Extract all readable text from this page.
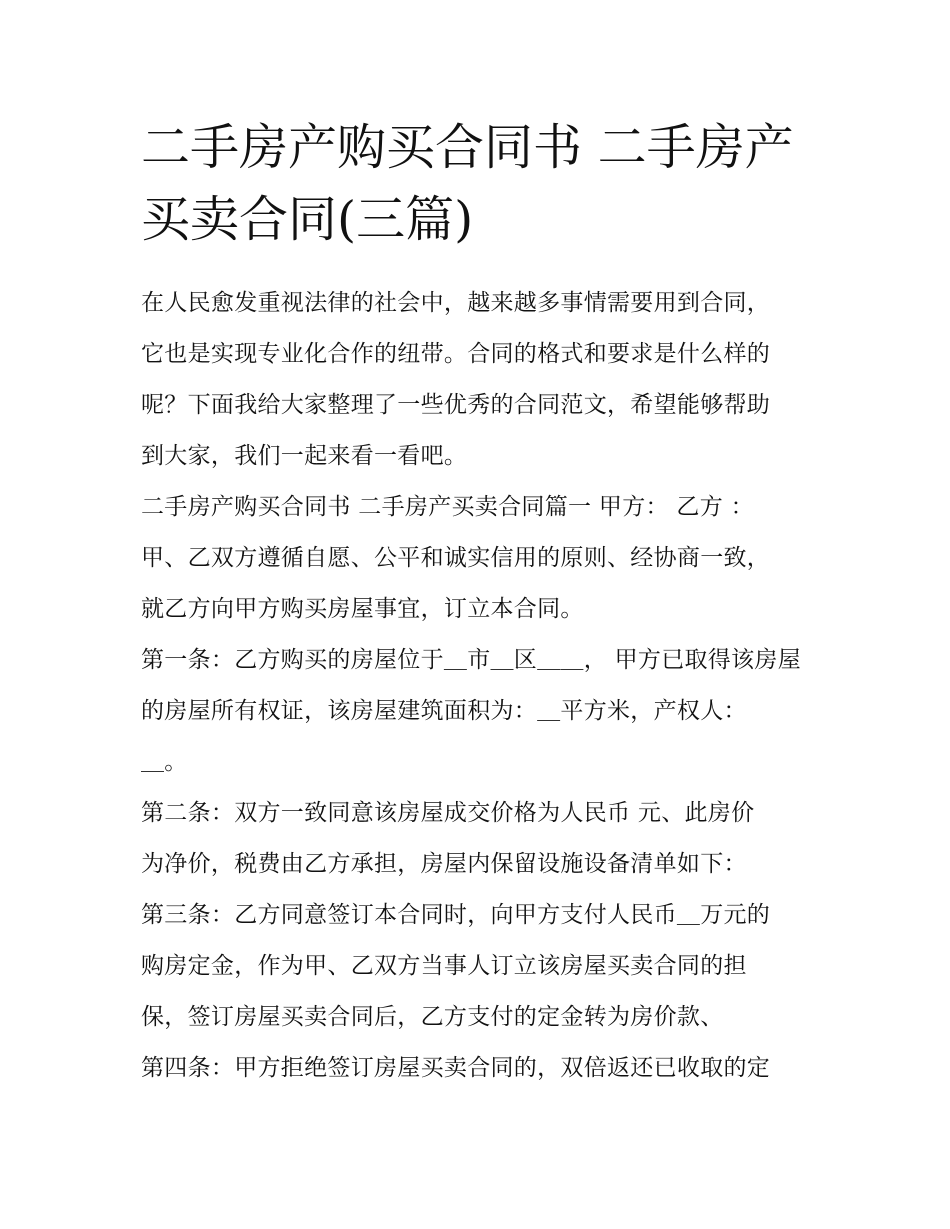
二手房产购买合同书 二手房产
买卖合同(三篇)
在人民愈发重视法律的社会中，越来越多事情需要用到合同，
它也是实现专业化合作的纽带。合同的格式和要求是什么样的
呢？下面我给大家整理了一些优秀的合同范文，希望能够帮助
到大家，我们一起来看一看吧。
二手房产购买合同书 二手房产买卖合同篇一 甲方： 乙方 ：
甲、乙双方遵循自愿、公平和诚实信用的原则、经协商一致，
就乙方向甲方购买房屋事宜，订立本合同。
第一条：乙方购买的房屋位于＿市＿区＿＿， 甲方已取得该房屋
的房屋所有权证，该房屋建筑面积为：＿平方米，产权人：
＿。
第二条：双方一致同意该房屋成交价格为人民币 元、此房价
为净价，税费由乙方承担，房屋内保留设施设备清单如下：
第三条：乙方同意签订本合同时，向甲方支付人民币＿万元的
购房定金，作为甲、乙双方当事人订立该房屋买卖合同的担
保，签订房屋买卖合同后，乙方支付的定金转为房价款、
第四条：甲方拒绝签订房屋买卖合同的，双倍返还已收取的定
